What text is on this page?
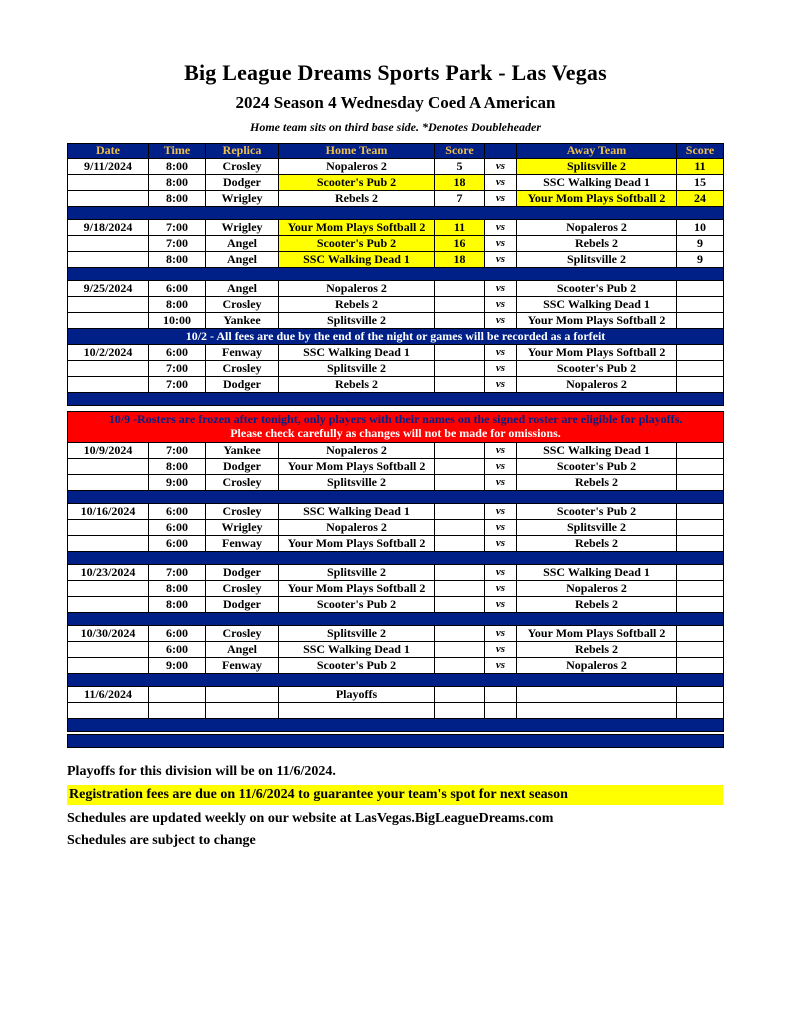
Big League Dreams Sports Park - Las Vegas
2024 Season 4 Wednesday Coed A American
Home team sits on third base side. *Denotes Doubleheader
Date	Time	Replica	Home Team	Score		Away Team	Score
9/11/2024	8:00	Crosley	Nopaleros 2	5	vs	Splitsville 2	11
	8:00	Dodger	Scooter's Pub 2	18	vs	SSC Walking Dead 1	15
	8:00	Wrigley	Rebels 2	7	vs	Your Mom Plays Softball 2	24

9/18/2024	7:00	Wrigley	Your Mom Plays Softball 2	11	vs	Nopaleros 2	10
	7:00	Angel	Scooter's Pub 2	16	vs	Rebels 2	9
	8:00	Angel	SSC Walking Dead 1	18	vs	Splitsville 2	9

9/25/2024	6:00	Angel	Nopaleros 2		vs	Scooter's Pub 2	
	8:00	Crosley	Rebels 2		vs	SSC Walking Dead 1	
	10:00	Yankee	Splitsville 2		vs	Your Mom Plays Softball 2	
10/2 - All fees are due by the end of the night or games will be recorded as a forfeit							
10/2/2024	6:00	Fenway	SSC Walking Dead 1		vs	Your Mom Plays Softball 2	
	7:00	Crosley	Splitsville 2		vs	Scooter's Pub 2	
	7:00	Dodger	Rebels 2		vs	Nopaleros 2	

10/9 -Rosters are frozen after tonight, only players with their names on the signed roster are eligible for playoffs.
Please check carefully as changes will not be made for omissions.							

10/9/2024	7:00	Yankee	Nopaleros 2		vs	SSC Walking Dead 1	
	8:00	Dodger	Your Mom Plays Softball 2		vs	Scooter's Pub 2	
	9:00	Crosley	Splitsville 2		vs	Rebels 2	

10/16/2024	6:00	Crosley	SSC Walking Dead 1		vs	Scooter's Pub 2	
	6:00	Wrigley	Nopaleros 2		vs	Splitsville 2	
	6:00	Fenway	Your Mom Plays Softball 2		vs	Rebels 2	

10/23/2024	7:00	Dodger	Splitsville 2		vs	SSC Walking Dead 1	
	8:00	Crosley	Your Mom Plays Softball 2		vs	Nopaleros 2	
	8:00	Dodger	Scooter's Pub 2		vs	Rebels 2	

10/30/2024	6:00	Crosley	Splitsville 2		vs	Your Mom Plays Softball 2	
	6:00	Angel	SSC Walking Dead 1		vs	Rebels 2	
	9:00	Fenway	Scooter's Pub 2		vs	Nopaleros 2	

11/6/2024			Playoffs				

Playoffs for this division will be on 11/6/2024.
Registration fees are due on 11/6/2024 to guarantee your team's spot for next season
Schedules are updated weekly on our website at LasVegas.BigLeagueDreams.com
Schedules are subject to change
